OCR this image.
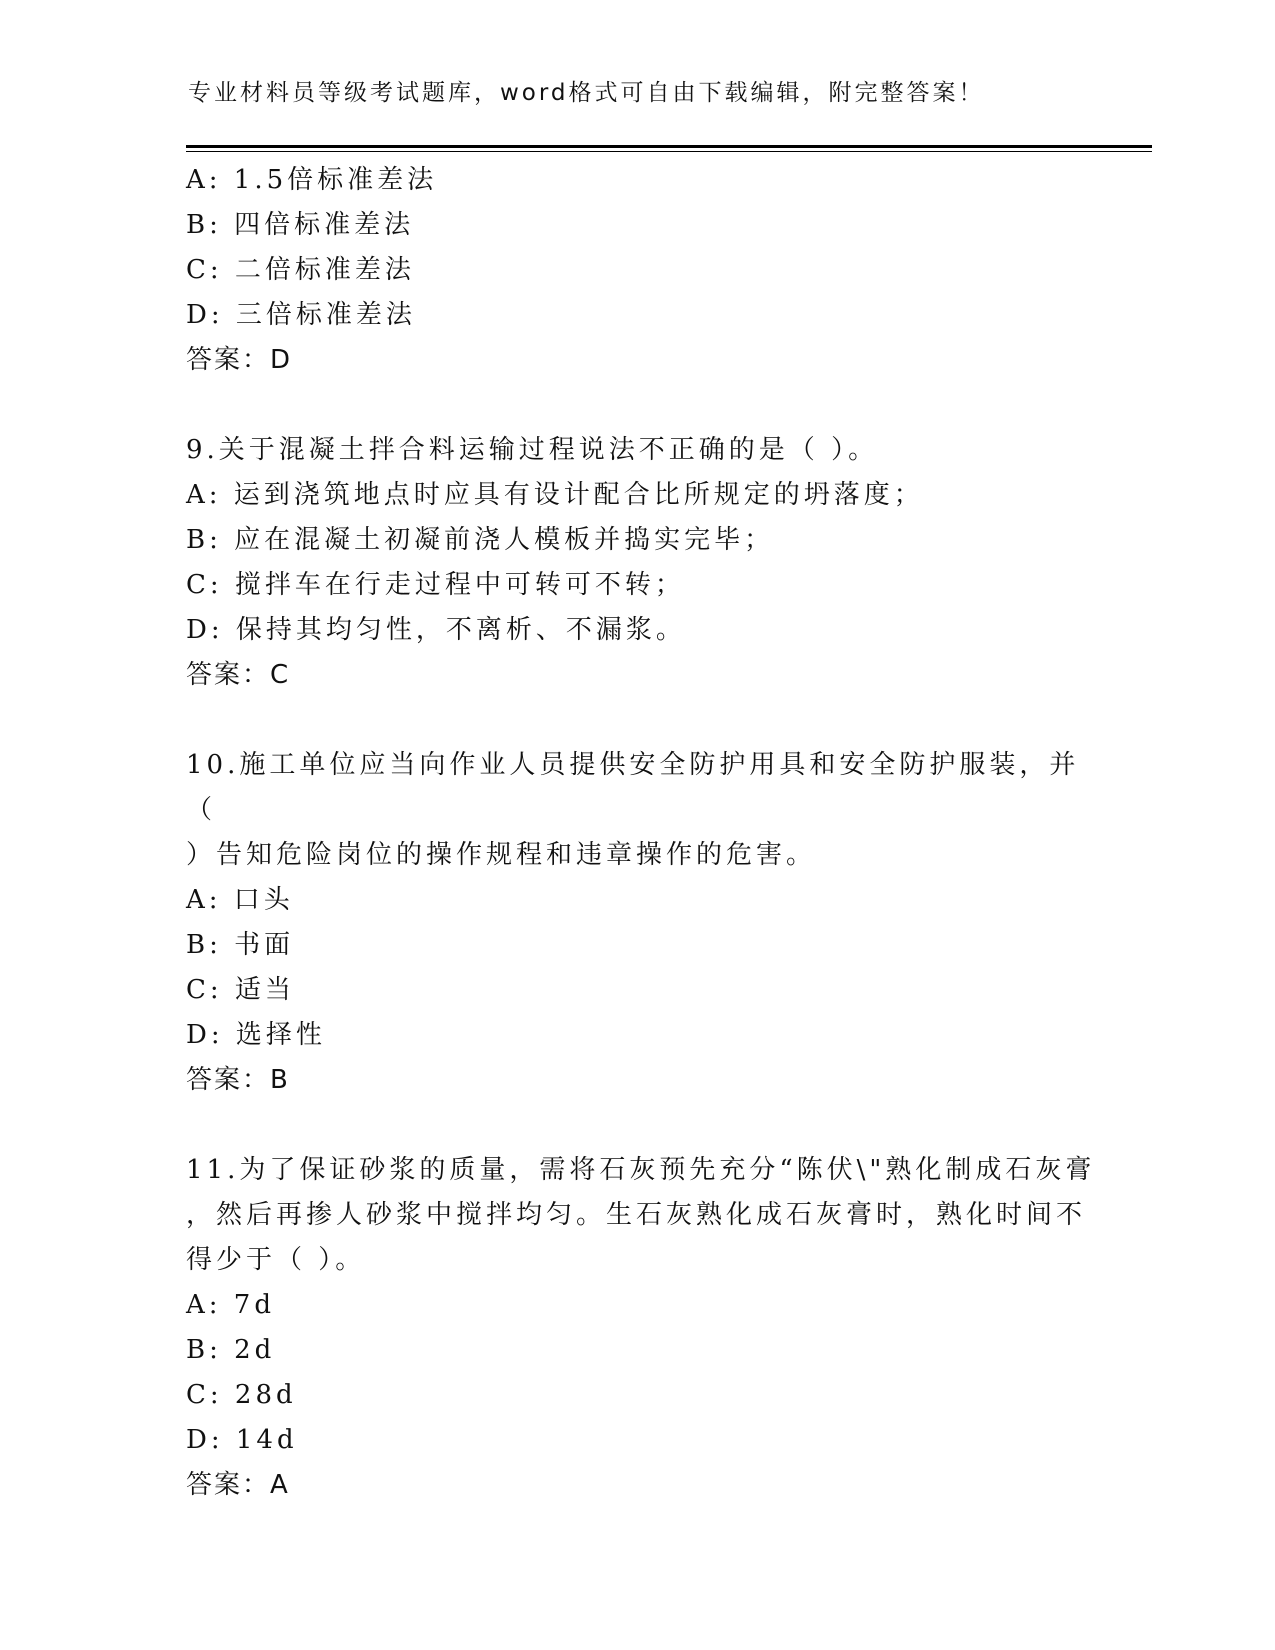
专业材料员等级考试题库，word格式可自由下载编辑，附完整答案！
A: 1.5倍标准差法
B: 四倍标准差法
C: 二倍标准差法
D: 三倍标准差法
答案：D
9.关于混凝土拌合料运输过程说法不正确的是（ ）。
A: 运到浇筑地点时应具有设计配合比所规定的坍落度；
B: 应在混凝土初凝前浇人模板并捣实完毕；
C: 搅拌车在行走过程中可转可不转；
D: 保持其均匀性，不离析、不漏浆。
答案：C
10.施工单位应当向作业人员提供安全防护用具和安全防护服装，并（
）告知危险岗位的操作规程和违章操作的危害。
A: 口头
B: 书面
C: 适当
D: 选择性
答案：B
11.为了保证砂浆的质量，需将石灰预先充分“陈伏\"熟化制成石灰膏
，然后再掺人砂浆中搅拌均匀。生石灰熟化成石灰膏时，熟化时间不
得少于（ ）。
A: 7d
B: 2d
C: 28d
D: 14d
答案：A
